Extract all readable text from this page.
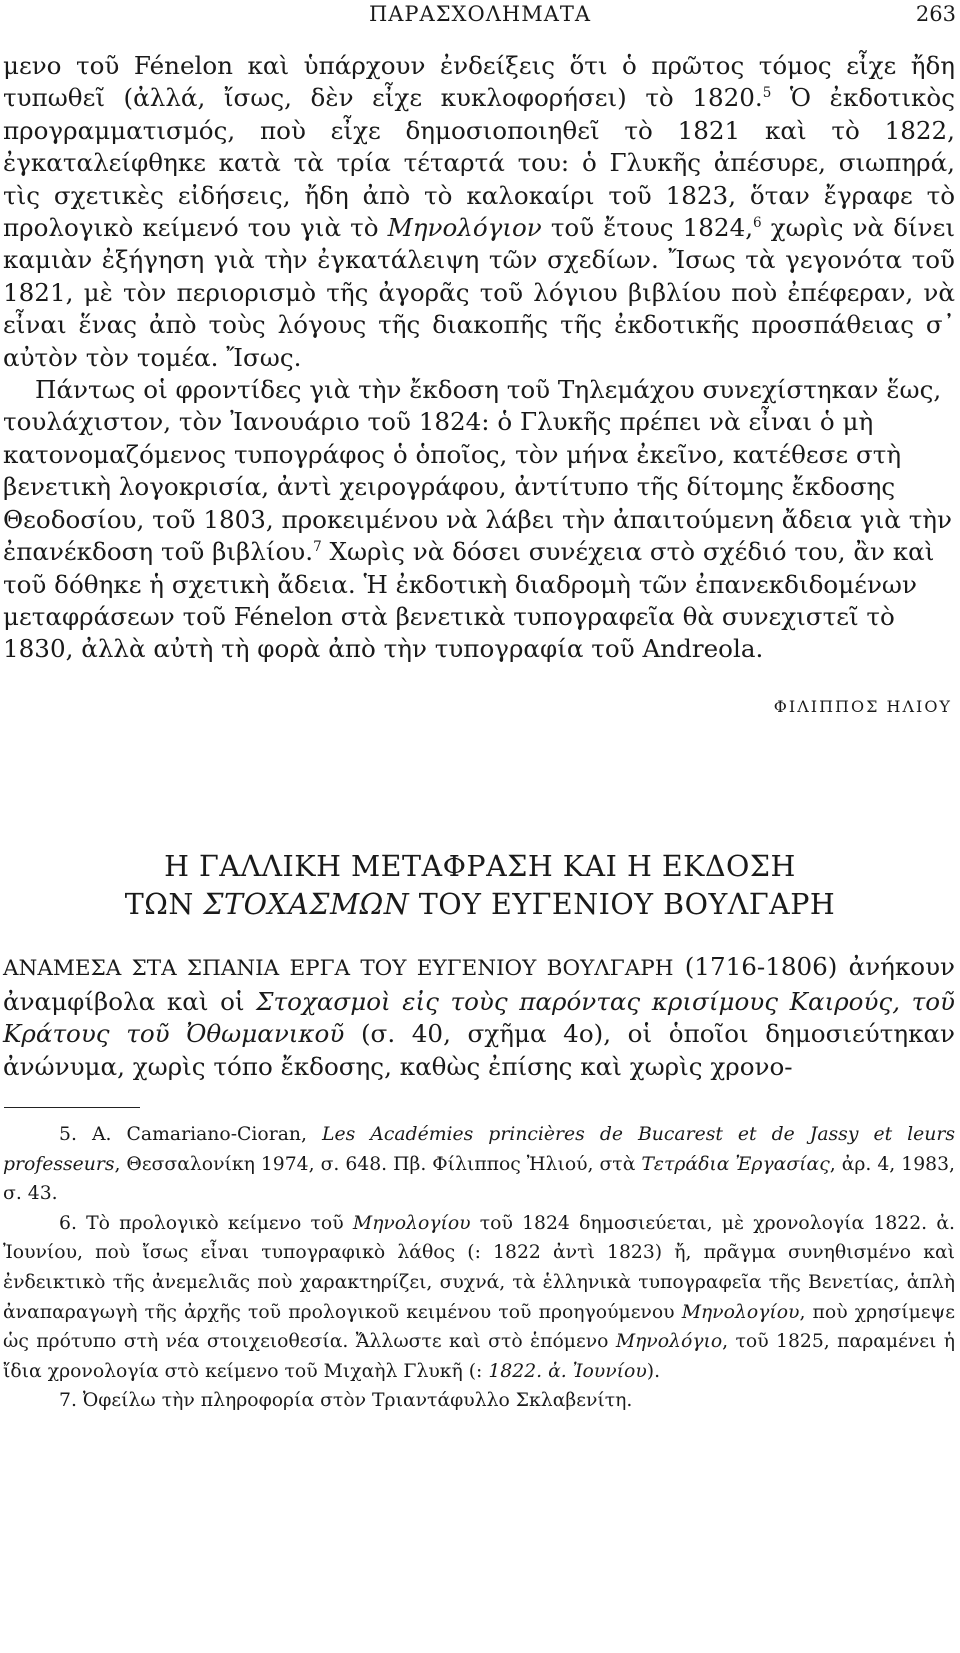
ΠΑΡΑΣΧΟΛΗΜΑΤΑ	263

μενο τοῦ Fénelon καὶ ὑπάρχουν ἐνδείξεις ὅτι ὁ πρῶτος τόμος εἶχε ἤδη τυπωθεῖ (ἀλλά, ἴσως, δὲν εἶχε κυκλοφορήσει) τὸ 1820.$^5$ Ὁ ἐκδοτικὸς προγραμματισμός, ποὺ εἶχε δημοσιοποιηθεῖ τὸ 1821 καὶ τὸ 1822, ἐγκαταλείφθηκε κατὰ τὰ τρία τέταρτά του: ὁ Γλυκῆς ἀπέσυρε, σιωπηρά, τὶς σχετικὲς εἰδήσεις, ἤδη ἀπὸ τὸ καλοκαίρι τοῦ 1823, ὅταν ἔγραφε τὸ προλογικὸ κείμενό του γιὰ τὸ Μηνολόγιον τοῦ ἔτους 1824,$^6$ χωρὶς νὰ δίνει καμιὰν ἐξήγηση γιὰ τὴν ἐγκατάλειψη τῶν σχεδίων. Ἴσως τὰ γεγονότα τοῦ 1821, μὲ τὸν περιορισμὸ τῆς ἀγορᾶς τοῦ λόγιου βιβλίου ποὺ ἐπέφεραν, νὰ εἶναι ἕνας ἀπὸ τοὺς λόγους τῆς διακοπῆς τῆς ἐκδοτικῆς προσπάθειας σ᾽ αὐτὸν τὸν τομέα. Ἴσως.

Πάντως οἱ φροντίδες γιὰ τὴν ἔκδοση τοῦ Τηλεμάχου συνεχίστηκαν ἕως, τουλάχιστον, τὸν Ἰανουάριο τοῦ 1824: ὁ Γλυκῆς πρέπει νὰ εἶναι ὁ μὴ κατονομαζόμενος τυπογράφος ὁ ὁποῖος, τὸν μήνα ἐκεῖνο, κατέθεσε στὴ βενετικὴ λογοκρισία, ἀντὶ χειρογράφου, ἀντίτυπο τῆς δίτομης ἔκδοσης Θεοδοσίου, τοῦ 1803, προκειμένου νὰ λάβει τὴν ἀπαιτούμενη ἄδεια γιὰ τὴν ἐπανέκδοση τοῦ βιβλίου.$^7$ Χωρὶς νὰ δόσει συνέχεια στὸ σχέδιό του, ἂν καὶ τοῦ δόθηκε ἡ σχετικὴ ἄδεια. Ἡ ἐκδοτικὴ διαδρομὴ τῶν ἐπανεκδιδομένων μεταφράσεων τοῦ Fénelon στὰ βενετικὰ τυπογραφεῖα θὰ συνεχιστεῖ τὸ 1830, ἀλλὰ αὐτὴ τὴ φορὰ ἀπὸ τὴν τυπογραφία τοῦ Andreola.

ΦΙΛΙΠΠΟΣ ΗΛΙΟΥ
Η ΓΑΛΛΙΚΗ ΜΕΤΑΦΡΑΣΗ ΚΑΙ Η ΕΚΔΟΣΗ
ΤΩΝ ΣΤΟΧΑΣΜΩΝ ΤΟΥ ΕΥΓΕΝΙΟΥ ΒΟΥΛΓΑΡΗ

ΑΝΑΜΕΣΑ ΣΤΑ ΣΠΑΝΙΑ ΕΡΓΑ ΤΟΥ ΕΥΓΕΝΙΟΥ ΒΟΥΛΓΑΡΗ (1716-1806) ἀνήκουν ἀναμφίβολα καὶ οἱ Στοχασμοὶ εἰς τοὺς παρόντας κρισίμους Καιρούς, τοῦ Κράτους τοῦ Ὀθωμανικοῦ (σ. 40, σχῆμα 4ο), οἱ ὁποῖοι δημοσιεύτηκαν ἀνώνυμα, χωρὶς τόπο ἔκδοσης, καθὼς ἐπίσης καὶ χωρὶς χρονο-

5. A. Camariano-Cioran, Les Académies princières de Bucarest et de Jassy et leurs professeurs, Θεσσαλονίκη 1974, σ. 648. Πβ. Φίλιππος Ἠλιού, στὰ Τετράδια Ἐργασίας, ἀρ. 4, 1983, σ. 43.

6. Τὸ προλογικὸ κείμενο τοῦ Μηνολογίου τοῦ 1824 δημοσιεύεται, μὲ χρονολογία 1822. ἀ. Ἰουνίου, ποὺ ἴσως εἶναι τυπογραφικὸ λάθος (: 1822 ἀντὶ 1823) ἤ, πρᾶγμα συνηθισμένο καὶ ἐνδεικτικὸ τῆς ἀνεμελιᾶς ποὺ χαρακτηρίζει, συχνά, τὰ ἑλληνικὰ τυπογραφεῖα τῆς Βενετίας, ἁπλὴ ἀναπαραγωγὴ τῆς ἀρχῆς τοῦ προλογικοῦ κειμένου τοῦ προηγούμενου Μηνολογίου, ποὺ χρησίμεψε ὡς πρότυπο στὴ νέα στοιχειοθεσία. Ἄλλωστε καὶ στὸ ἑπόμενο Μηνολόγιο, τοῦ 1825, παραμένει ἡ ἴδια χρονολογία στὸ κείμενο τοῦ Μιχαὴλ Γλυκῆ (: 1822. ἀ. Ἰουνίου).

7. Ὀφείλω τὴν πληροφορία στὸν Τριαντάφυλλο Σκλαβενίτη.
